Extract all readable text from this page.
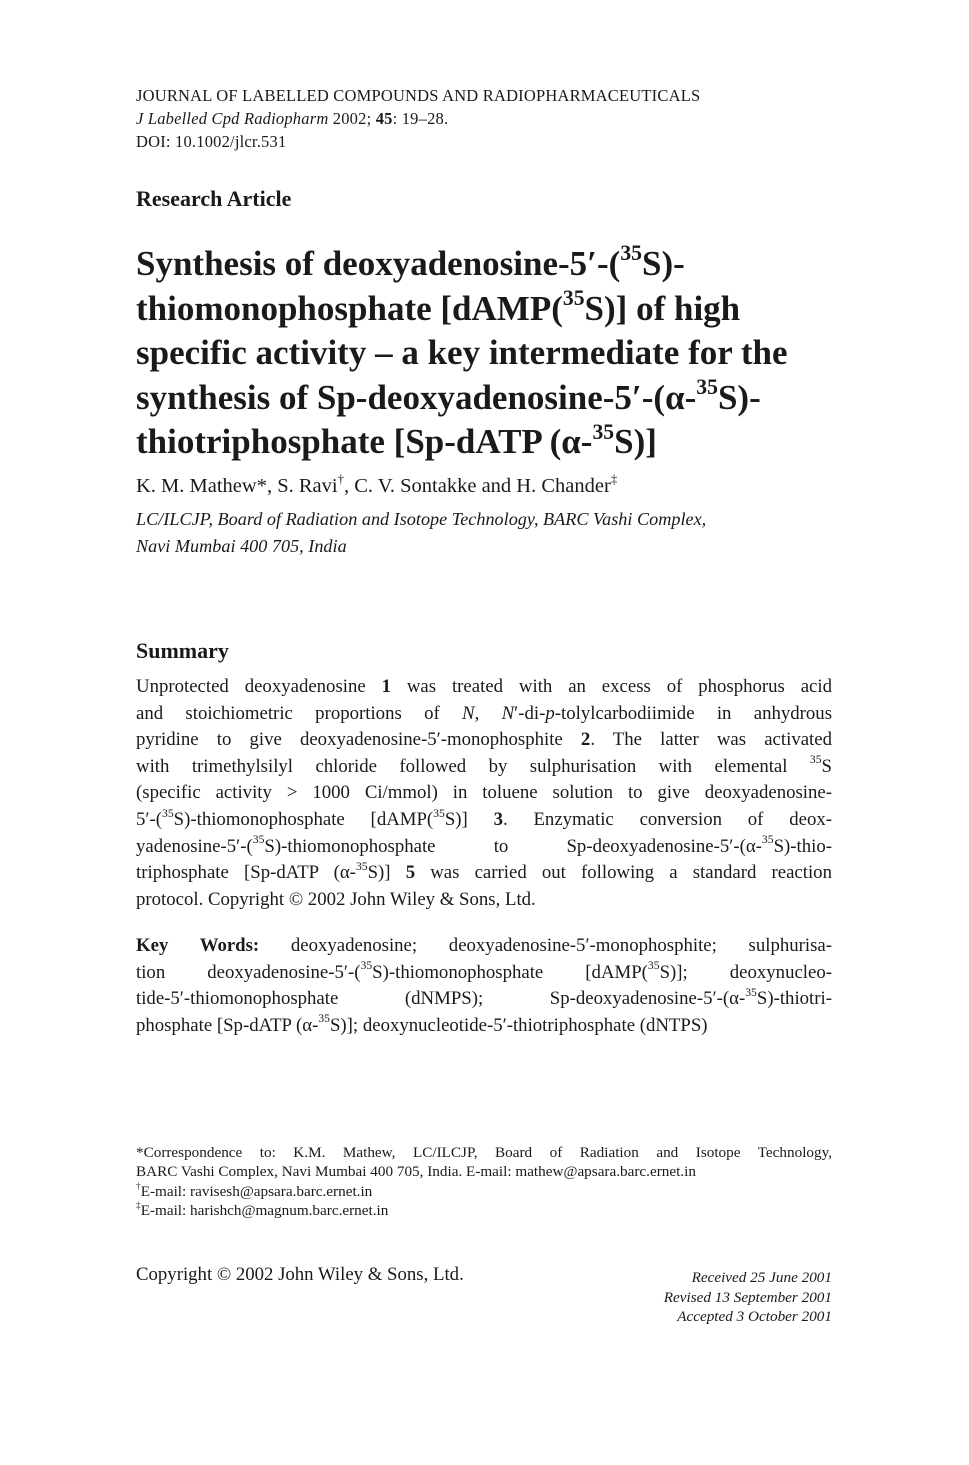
JOURNAL OF LABELLED COMPOUNDS AND RADIOPHARMACEUTICALS
J Labelled Cpd Radiopharm 2002; 45: 19–28.
DOI: 10.1002/jlcr.531
Research Article
Synthesis of deoxyadenosine-5′-($^{35}$S)-
thiomonophosphate [dAMP($^{35}$S)] of high
specific activity – a key intermediate for the
synthesis of Sp-deoxyadenosine-5′-(α-$^{35}$S)-
thiotriphosphate [Sp-dATP (α-$^{35}$S)]
K. M. Mathew*, S. Ravi†, C. V. Sontakke and H. Chander‡
LC/ILCJP, Board of Radiation and Isotope Technology, BARC Vashi Complex,
Navi Mumbai 400 705, India
Summary
Unprotected deoxyadenosine 1 was treated with an excess of phosphorus acid
and stoichiometric proportions of N, N′-di-p-tolylcarbodiimide in anhydrous
pyridine to give deoxyadenosine-5′-monophosphite 2. The latter was activated
with trimethylsilyl chloride followed by sulphurisation with elemental $^{35}$S
(specific activity > 1000 Ci/mmol) in toluene solution to give deoxyadenosine-
5′-($^{35}$S)-thiomonophosphate [dAMP($^{35}$S)] 3. Enzymatic conversion of deox-
yadenosine-5′-($^{35}$S)-thiomonophosphate to Sp-deoxyadenosine-5′-(α-$^{35}$S)-thio-
triphosphate [Sp-dATP (α-$^{35}$S)] 5 was carried out following a standard reaction
protocol. Copyright © 2002 John Wiley & Sons, Ltd.
Key Words: deoxyadenosine; deoxyadenosine-5′-monophosphite; sulphurisa-
tion deoxyadenosine-5′-($^{35}$S)-thiomonophosphate [dAMP($^{35}$S)]; deoxynucleo-
tide-5′-thiomonophosphate (dNMPS); Sp-deoxyadenosine-5′-(α-$^{35}$S)-thiotri-
phosphate [Sp-dATP (α-$^{35}$S)]; deoxynucleotide-5′-thiotriphosphate (dNTPS)
*Correspondence to: K.M. Mathew, LC/ILCJP, Board of Radiation and Isotope Technology,
BARC Vashi Complex, Navi Mumbai 400 705, India. E-mail: mathew@apsara.barc.ernet.in
†E-mail: ravisesh@apsara.barc.ernet.in
‡E-mail: harishch@magnum.barc.ernet.in
Copyright © 2002 John Wiley & Sons, Ltd.	Received 25 June 2001
Revised 13 September 2001
Accepted 3 October 2001
